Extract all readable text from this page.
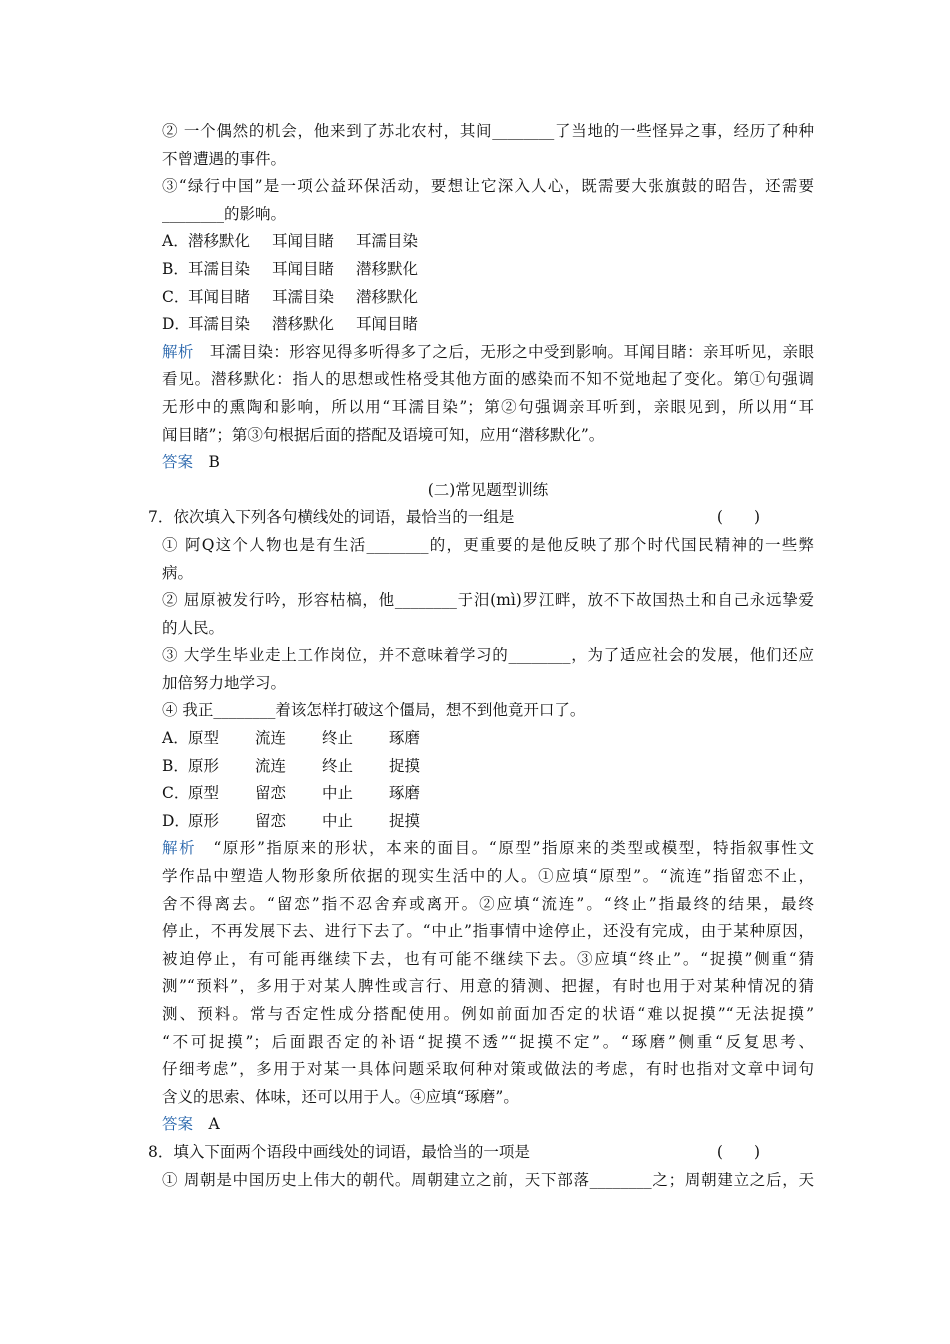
② 一个偶然的机会，他来到了苏北农村，其间________了当地的一些怪异之事，经历了种种
不曾遭遇的事件。
③“绿行中国”是一项公益环保活动，要想让它深入人心，既需要大张旗鼓的昭告，还需要
________的影响。
A．潜移默化 耳闻目睹 耳濡目染
B．耳濡目染 耳闻目睹 潜移默化
C．耳闻目睹 耳濡目染 潜移默化
D．耳濡目染 潜移默化 耳闻目睹
解析　 耳濡目染：形容见得多听得多了之后，无形之中受到影响。耳闻目睹：亲耳听见，亲眼
看见。潜移默化：指人的思想或性格受其他方面的感染而不知不觉地起了变化。第①句强调
无形中的熏陶和影响，所以用“耳濡目染”；第②句强调亲耳听到，亲眼见到，所以用“耳
闻目睹”；第③句根据后面的搭配及语境可知，应用“潜移默化”。
答案　 B
(二)常见题型训练
7．依次填入下列各句横线处的词语，最恰当的一组是	(　　)
① 阿Q这个人物也是有生活________的，更重要的是他反映了那个时代国民精神的一些弊
病。
② 屈原被发行吟，形容枯槁，他________于汨(mì)罗江畔，放不下故国热土和自己永远挚爱
的人民。
③ 大学生毕业走上工作岗位，并不意味着学习的________，为了适应社会的发展，他们还应
加倍努力地学习。
④ 我正________着该怎样打破这个僵局，想不到他竟开口了。
A．原型 流连 终止 琢磨
B．原形 流连 终止 捉摸
C．原型 留恋 中止 琢磨
D．原形 留恋 中止 捉摸
解析　 “原形”指原来的形状，本来的面目。“原型”指原来的类型或模型，特指叙事性文
学作品中塑造人物形象所依据的现实生活中的人。①应填“原型”。“流连”指留恋不止，
舍不得离去。“留恋”指不忍舍弃或离开。②应填“流连”。“终止”指最终的结果，最终
停止，不再发展下去、进行下去了。“中止”指事情中途停止，还没有完成，由于某种原因，
被迫停止，有可能再继续下去，也有可能不继续下去。③应填“终止”。“捉摸”侧重“猜
测”“预料”，多用于对某人脾性或言行、用意的猜测、把握，有时也用于对某种情况的猜
测、预料。常与否定性成分搭配使用。例如前面加否定的状语“难以捉摸”“无法捉摸”
“不可捉摸”；后面跟否定的补语“捉摸不透”“捉摸不定”。“琢磨”侧重“反复思考、
仔细考虑”，多用于对某一具体问题采取何种对策或做法的考虑，有时也指对文章中词句
含义的思索、体味，还可以用于人。④应填“琢磨”。
答案　 A
8．填入下面两个语段中画线处的词语，最恰当的一项是	(　　)
① 周朝是中国历史上伟大的朝代。周朝建立之前，天下部落________之；周朝建立之后，天
